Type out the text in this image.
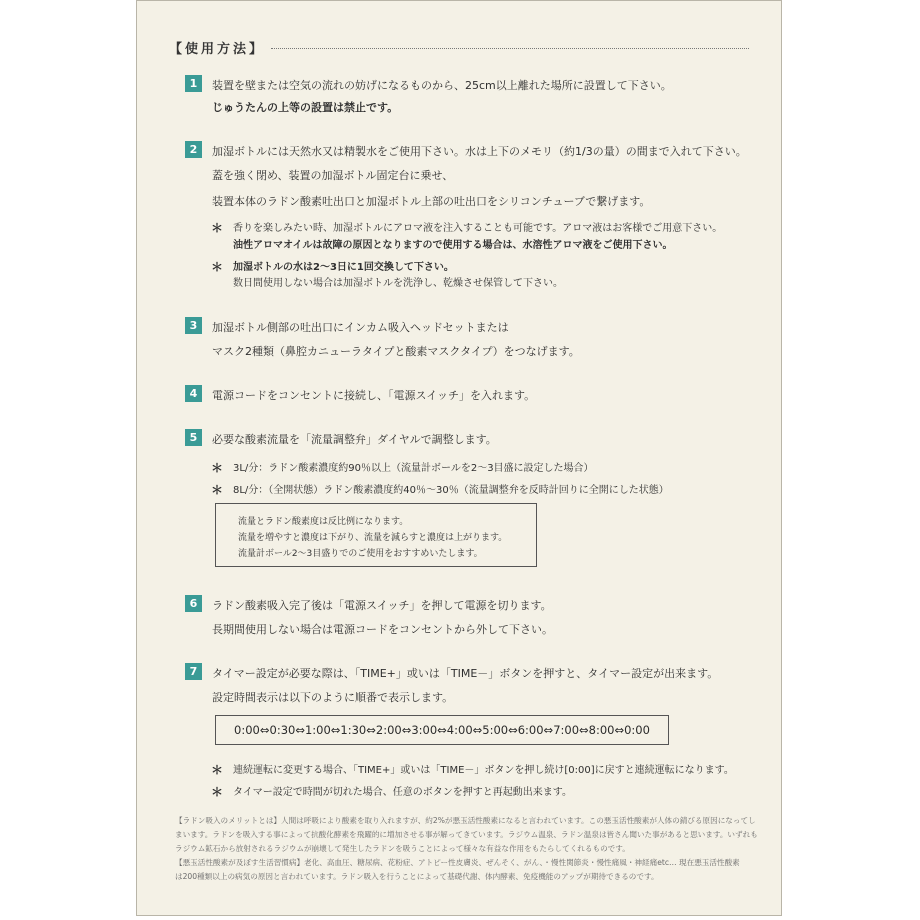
【使用方法】
1	装置を壁または空気の流れの妨げになるものから、25cm以上離れた場所に設置して下さい。
じゅうたんの上等の設置は禁止です。
2	加湿ボトルには天然水又は精製水をご使用下さい。水は上下のメモリ（約1/3の量）の間まで入れて下さい。
蓋を強く閉め、装置の加湿ボトル固定台に乗せ、
装置本体のラドン酸素吐出口と加湿ボトル上部の吐出口をシリコンチューブで繋げます。
＊ 香りを楽しみたい時、加湿ボトルにアロマ液を注入することも可能です。アロマ液はお客様でご用意下さい。
油性アロマオイルは故障の原因となりますので使用する場合は、水溶性アロマ液をご使用下さい。
＊ 加湿ボトルの水は2～3日に1回交換して下さい。
数日間使用しない場合は加湿ボトルを洗浄し、乾燥させ保管して下さい。
3	加湿ボトル側部の吐出口にインカム吸入ヘッドセットまたは
マスク2種類（鼻腔カニューラタイプと酸素マスクタイプ）をつなげます。
4	電源コードをコンセントに接続し、「電源スイッチ」を入れます。
5	必要な酸素流量を「流量調整弁」ダイヤルで調整します。
＊ 3L/分：ラドン酸素濃度約90％以上（流量計ボールを2～3目盛に設定した場合）
＊ 8L/分：（全開状態）ラドン酸素濃度約40％～30％（流量調整弁を反時計回りに全開にした状態）
流量とラドン酸素度は反比例になります。
流量を増やすと濃度は下がり、流量を減らすと濃度は上がります。
流量計ボール2～3目盛りでのご使用をおすすめいたします。
6	ラドン酸素吸入完了後は「電源スイッチ」を押して電源を切ります。
長期間使用しない場合は電源コードをコンセントから外して下さい。
7	タイマー設定が必要な際は、「TIME+」或いは「TIME－」ボタンを押すと、タイマー設定が出来ます。
設定時間表示は以下のように順番で表示します。
0:00⇔0:30⇔1:00⇔1:30⇔2:00⇔3:00⇔4:00⇔5:00⇔6:00⇔7:00⇔8:00⇔0:00
＊ 連続運転に変更する場合、「TIME+」或いは「TIME－」ボタンを押し続け[0:00]に戻すと連続運転になります。
＊ タイマー設定で時間が切れた場合、任意のボタンを押すと再起動出来ます。
【ラドン吸入のメリットとは】人間は呼吸により酸素を取り入れますが、約2%が悪玉活性酸素になると言われています。この悪玉活性酸素が人体の錆びる原因になってし
まいます。ラドンを吸入する事によって抗酸化酵素を飛躍的に増加させる事が解ってきています。ラジウム温泉、ラドン温泉は皆さん聞いた事があると思います。いずれも
ラジウム鉱石から放射されるラジウムが崩壊して発生したラドンを吸うことによって様々な有益な作用をもたらしてくれるものです。
【悪玉活性酸素が及ぼす生活習慣病】老化、高血圧、糖尿病、花粉症、アトピー性皮膚炎、ぜんそく、がん、・慢性関節炎・慢性痛風・神経痛etc… 現在悪玉活性酸素
は200種類以上の病気の原因と言われています。ラドン吸入を行うことによって基礎代謝、体内酵素、免疫機能のアップが期待できるのです。
